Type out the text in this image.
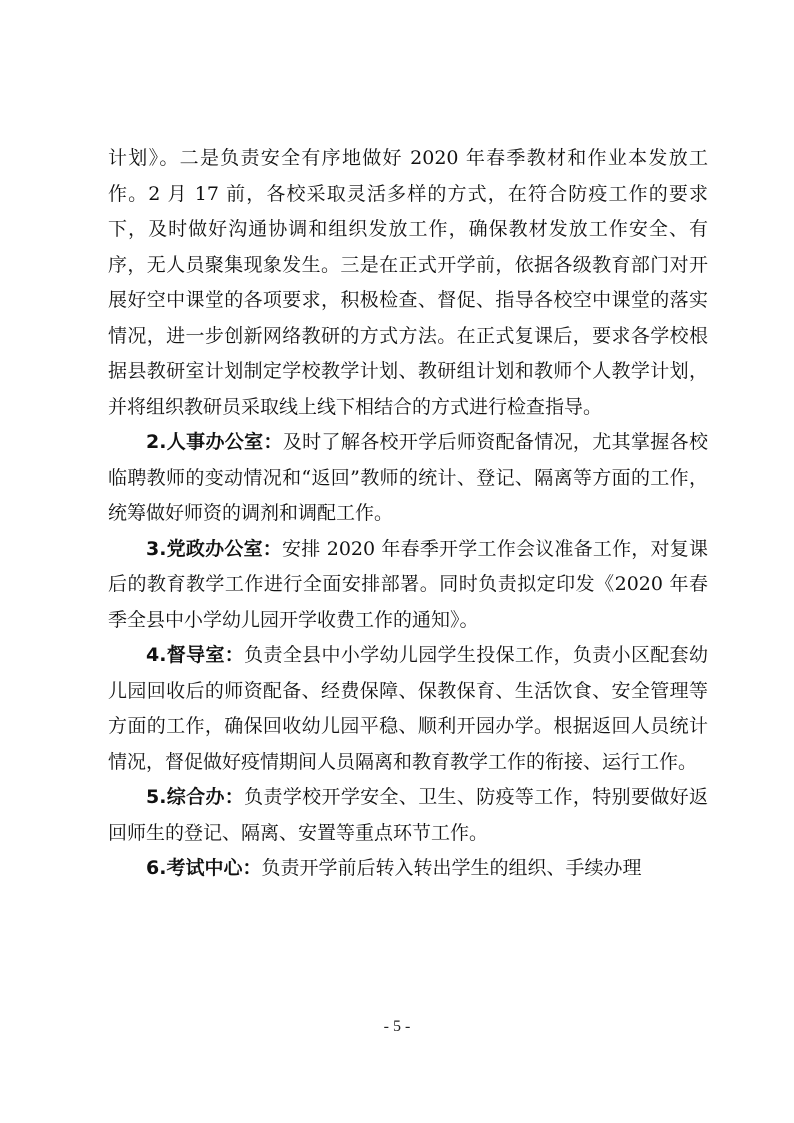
计划》。二是负责安全有序地做好 2020 年春季教材和作业本发放工作。2 月 17 前，各校采取灵活多样的方式，在符合防疫工作的要求下，及时做好沟通协调和组织发放工作，确保教材发放工作安全、有序，无人员聚集现象发生。三是在正式开学前，依据各级教育部门对开展好空中课堂的各项要求，积极检查、督促、指导各校空中课堂的落实情况，进一步创新网络教研的方式方法。在正式复课后，要求各学校根据县教研室计划制定学校教学计划、教研组计划和教师个人教学计划，并将组织教研员采取线上线下相结合的方式进行检查指导。

2.人事办公室：及时了解各校开学后师资配备情况，尤其掌握各校临聘教师的变动情况和“返回”教师的统计、登记、隔离等方面的工作，统筹做好师资的调剂和调配工作。

3.党政办公室：安排 2020 年春季开学工作会议准备工作，对复课后的教育教学工作进行全面安排部署。同时负责拟定印发《2020 年春季全县中小学幼儿园开学收费工作的通知》。

4.督导室：负责全县中小学幼儿园学生投保工作，负责小区配套幼儿园回收后的师资配备、经费保障、保教保育、生活饮食、安全管理等方面的工作，确保回收幼儿园平稳、顺利开园办学。根据返回人员统计情况，督促做好疫情期间人员隔离和教育教学工作的衔接、运行工作。

5.综合办：负责学校开学安全、卫生、防疫等工作，特别要做好返回师生的登记、隔离、安置等重点环节工作。

6.考试中心：负责开学前后转入转出学生的组织、手续办理

- 5 -
